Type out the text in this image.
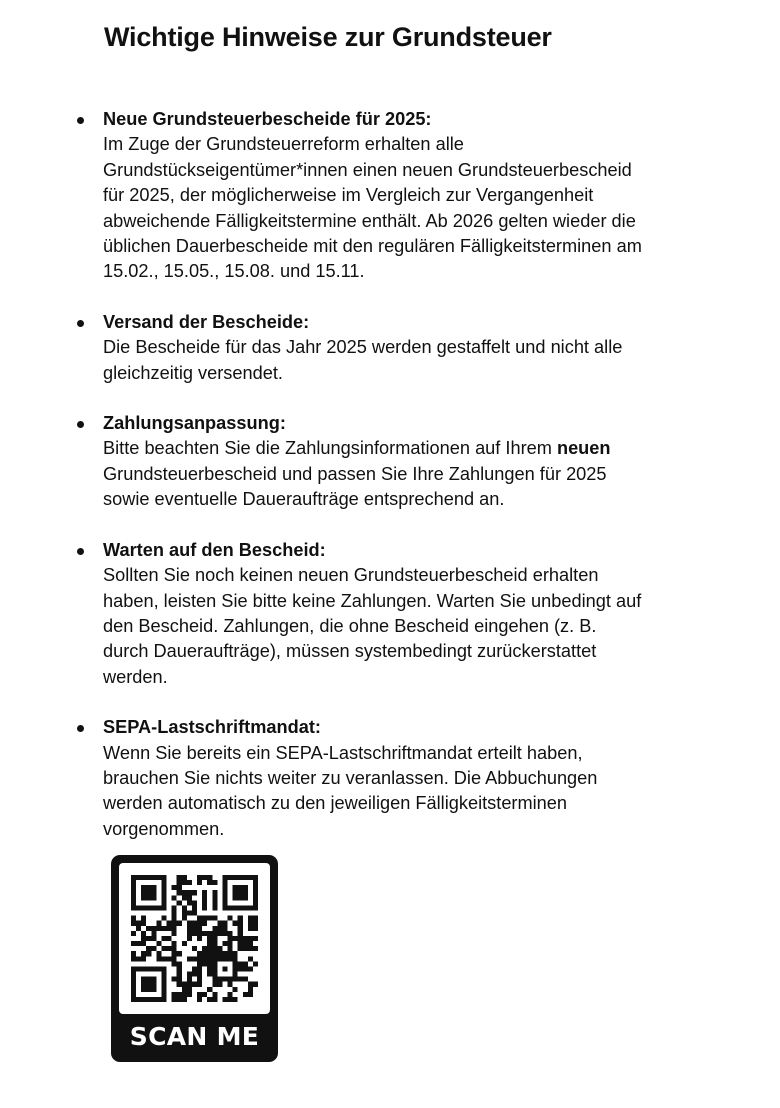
Wichtige Hinweise zur Grundsteuer
Neue Grundsteuerbescheide für 2025:
Im Zuge der Grundsteuerreform erhalten alle
Grundstückseigentümer*innen einen neuen Grundsteuerbescheid
für 2025, der möglicherweise im Vergleich zur Vergangenheit
abweichende Fälligkeitstermine enthält. Ab 2026 gelten wieder die
üblichen Dauerbescheide mit den regulären Fälligkeitsterminen am
15.02., 15.05., 15.08. und 15.11.
Versand der Bescheide:
Die Bescheide für das Jahr 2025 werden gestaffelt und nicht alle
gleichzeitig versendet.
Zahlungsanpassung:
Bitte beachten Sie die Zahlungsinformationen auf Ihrem neuen
Grundsteuerbescheid und passen Sie Ihre Zahlungen für 2025
sowie eventuelle Daueraufträge entsprechend an.
Warten auf den Bescheid:
Sollten Sie noch keinen neuen Grundsteuerbescheid erhalten
haben, leisten Sie bitte keine Zahlungen. Warten Sie unbedingt auf
den Bescheid. Zahlungen, die ohne Bescheid eingehen (z. B.
durch Daueraufträge), müssen systembedingt zurückerstattet
werden.
SEPA-Lastschriftmandat:
Wenn Sie bereits ein SEPA-Lastschriftmandat erteilt haben,
brauchen Sie nichts weiter zu veranlassen. Die Abbuchungen
werden automatisch zu den jeweiligen Fälligkeitsterminen
vorgenommen.
SCAN ME
